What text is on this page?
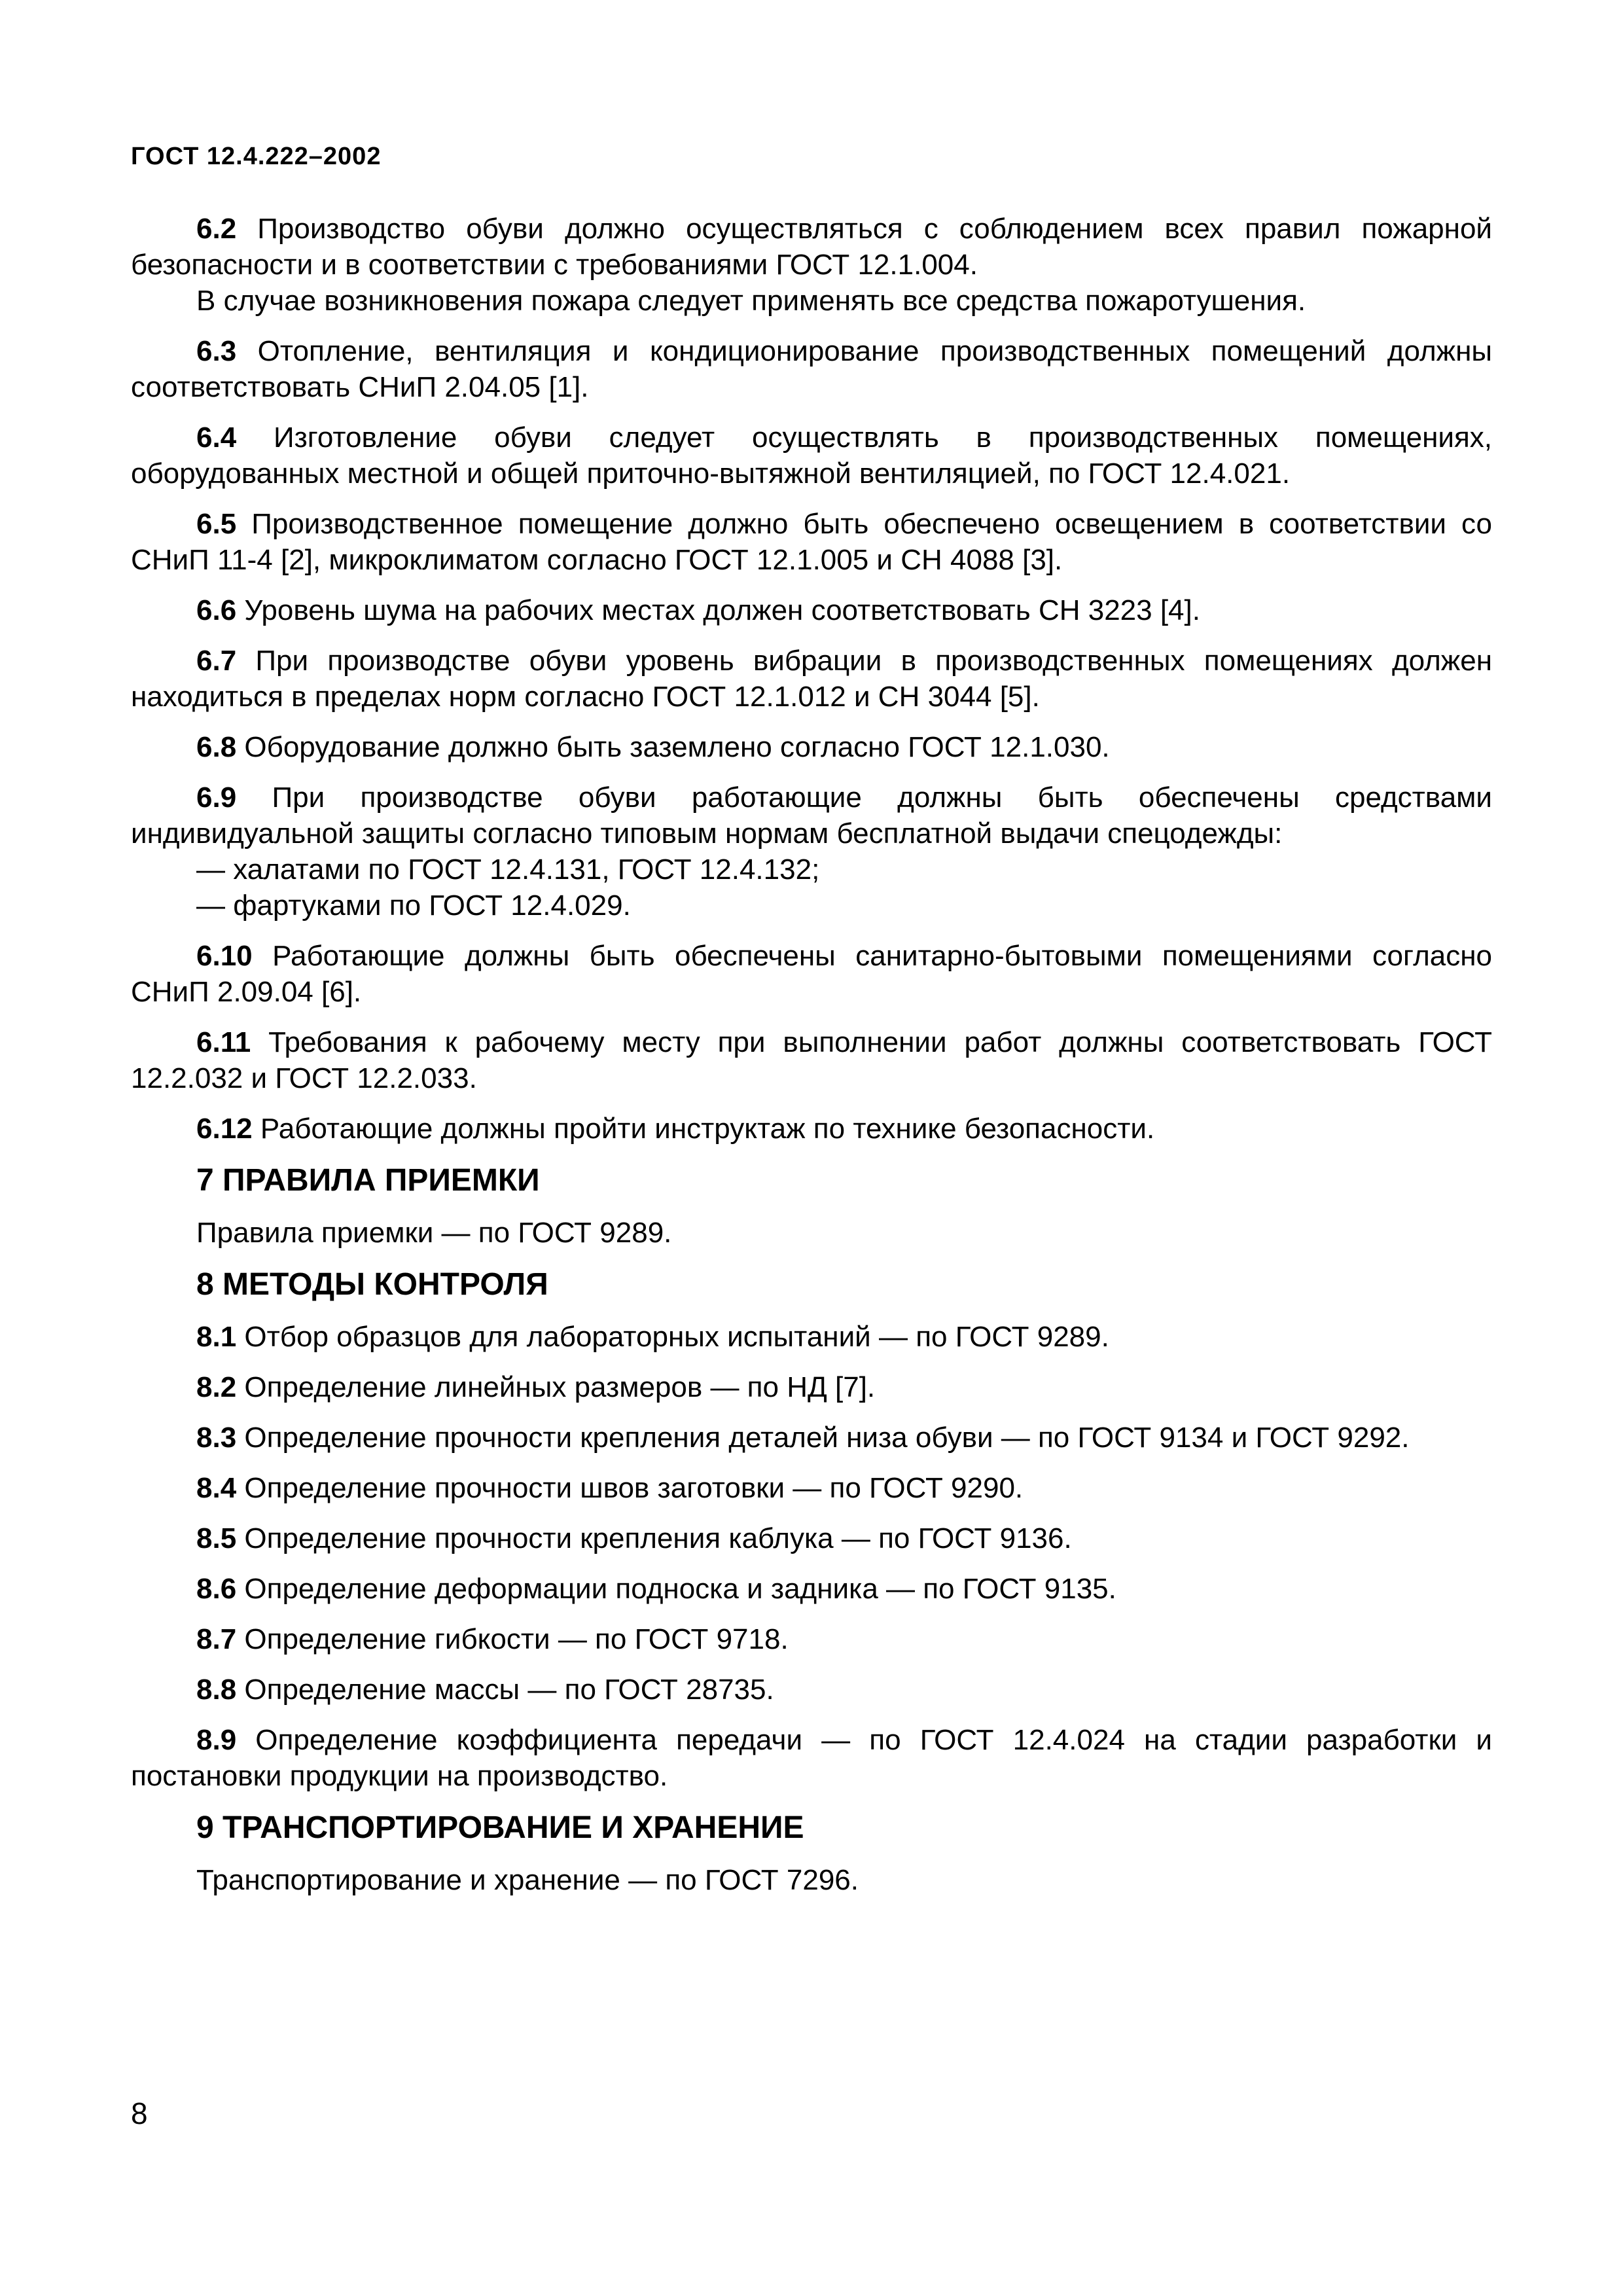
ГОСТ 12.4.222–2002

6.2 Производство обуви должно осуществляться с соблюдением всех правил пожарной безопасности и в соответствии с требованиями ГОСТ 12.1.004.

В случае возникновения пожара следует применять все средства пожаротушения.

6.3 Отопление, вентиляция и кондиционирование производственных помещений должны соответствовать СНиП 2.04.05 [1].

6.4 Изготовление обуви следует осуществлять в производственных помещениях, оборудованных местной и общей приточно-вытяжной вентиляцией, по ГОСТ 12.4.021.

6.5 Производственное помещение должно быть обеспечено освещением в соответствии со СНиП 11-4 [2], микроклиматом согласно ГОСТ 12.1.005 и СН 4088 [3].

6.6 Уровень шума на рабочих местах должен соответствовать СН 3223 [4].

6.7 При производстве обуви уровень вибрации в производственных помещениях должен находиться в пределах норм согласно ГОСТ 12.1.012 и СН 3044 [5].

6.8 Оборудование должно быть заземлено согласно ГОСТ 12.1.030.

6.9 При производстве обуви работающие должны быть обеспечены средствами индивидуальной защиты согласно типовым нормам бесплатной выдачи спецодежды:

— халатами по ГОСТ 12.4.131, ГОСТ 12.4.132;

— фартуками по ГОСТ 12.4.029.

6.10 Работающие должны быть обеспечены санитарно-бытовыми помещениями согласно СНиП 2.09.04 [6].

6.11 Требования к рабочему месту при выполнении работ должны соответствовать ГОСТ 12.2.032 и ГОСТ 12.2.033.

6.12 Работающие должны пройти инструктаж по технике безопасности.

7 ПРАВИЛА ПРИЕМКИ

Правила приемки — по ГОСТ 9289.

8 МЕТОДЫ КОНТРОЛЯ

8.1 Отбор образцов для лабораторных испытаний — по ГОСТ 9289.

8.2 Определение линейных размеров — по НД [7].

8.3 Определение прочности крепления деталей низа обуви — по ГОСТ 9134 и ГОСТ 9292.

8.4 Определение прочности швов заготовки — по ГОСТ 9290.

8.5 Определение прочности крепления каблука — по ГОСТ 9136.

8.6 Определение деформации подноска и задника — по ГОСТ 9135.

8.7 Определение гибкости — по ГОСТ 9718.

8.8 Определение массы — по ГОСТ 28735.

8.9 Определение коэффициента передачи — по ГОСТ 12.4.024 на стадии разработки и постановки продукции на производство.

9 ТРАНСПОРТИРОВАНИЕ И ХРАНЕНИЕ

Транспортирование и хранение — по ГОСТ 7296.

8
